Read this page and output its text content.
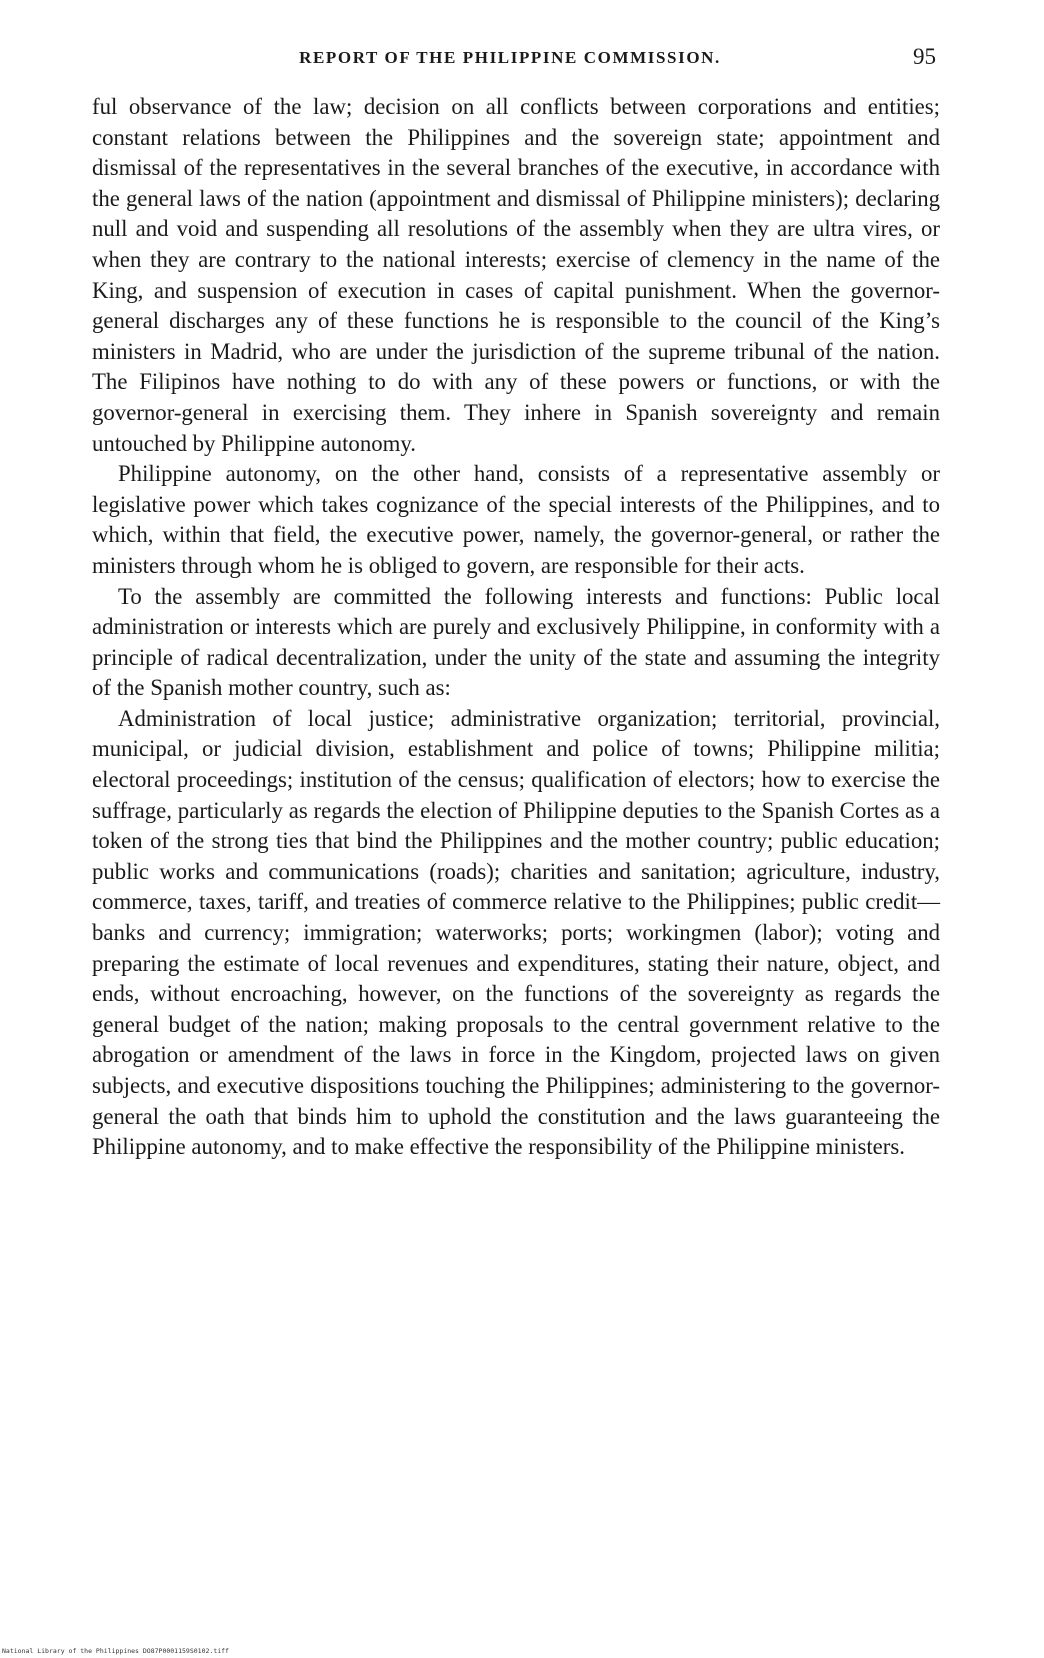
REPORT OF THE PHILIPPINE COMMISSION.	95

ful observance of the law; decision on all conflicts between corporations and entities; constant relations between the Philippines and the sovereign state; appointment and dismissal of the representatives in the several branches of the executive, in accordance with the general laws of the nation (appointment and dismissal of Philippine ministers); declaring null and void and suspending all resolutions of the assembly when they are ultra vires, or when they are contrary to the national interests; exercise of clemency in the name of the King, and suspension of execution in cases of capital punishment. When the governor-general discharges any of these functions he is responsible to the council of the King’s ministers in Madrid, who are under the jurisdiction of the supreme tribunal of the nation. The Filipinos have nothing to do with any of these powers or functions, or with the governor-general in exercising them. They inhere in Spanish sovereignty and remain untouched by Philippine autonomy.

Philippine autonomy, on the other hand, consists of a representative assembly or legislative power which takes cognizance of the special interests of the Philippines, and to which, within that field, the executive power, namely, the governor-general, or rather the ministers through whom he is obliged to govern, are responsible for their acts.

To the assembly are committed the following interests and functions: Public local administration or interests which are purely and exclusively Philippine, in conformity with a principle of radical decentralization, under the unity of the state and assuming the integrity of the Spanish mother country, such as:

Administration of local justice; administrative organization; territorial, provincial, municipal, or judicial division, establishment and police of towns; Philippine militia; electoral proceedings; institution of the census; qualification of electors; how to exercise the suffrage, particularly as regards the election of Philippine deputies to the Spanish Cortes as a token of the strong ties that bind the Philippines and the mother country; public education; public works and communications (roads); charities and sanitation; agriculture, industry, commerce, taxes, tariff, and treaties of commerce relative to the Philippines; public credit—banks and currency; immigration; waterworks; ports; workingmen (labor); voting and preparing the estimate of local revenues and expenditures, stating their nature, object, and ends, without encroaching, however, on the functions of the sovereignty as regards the general budget of the nation; making proposals to the central government relative to the abrogation or amendment of the laws in force in the Kingdom, projected laws on given subjects, and executive dispositions touching the Philippines; administering to the governor-general the oath that binds him to uphold the constitution and the laws guaranteeing the Philippine autonomy, and to make effective the responsibility of the Philippine ministers.

National Library of the Philippines DO87P0001159S0102.tiff
